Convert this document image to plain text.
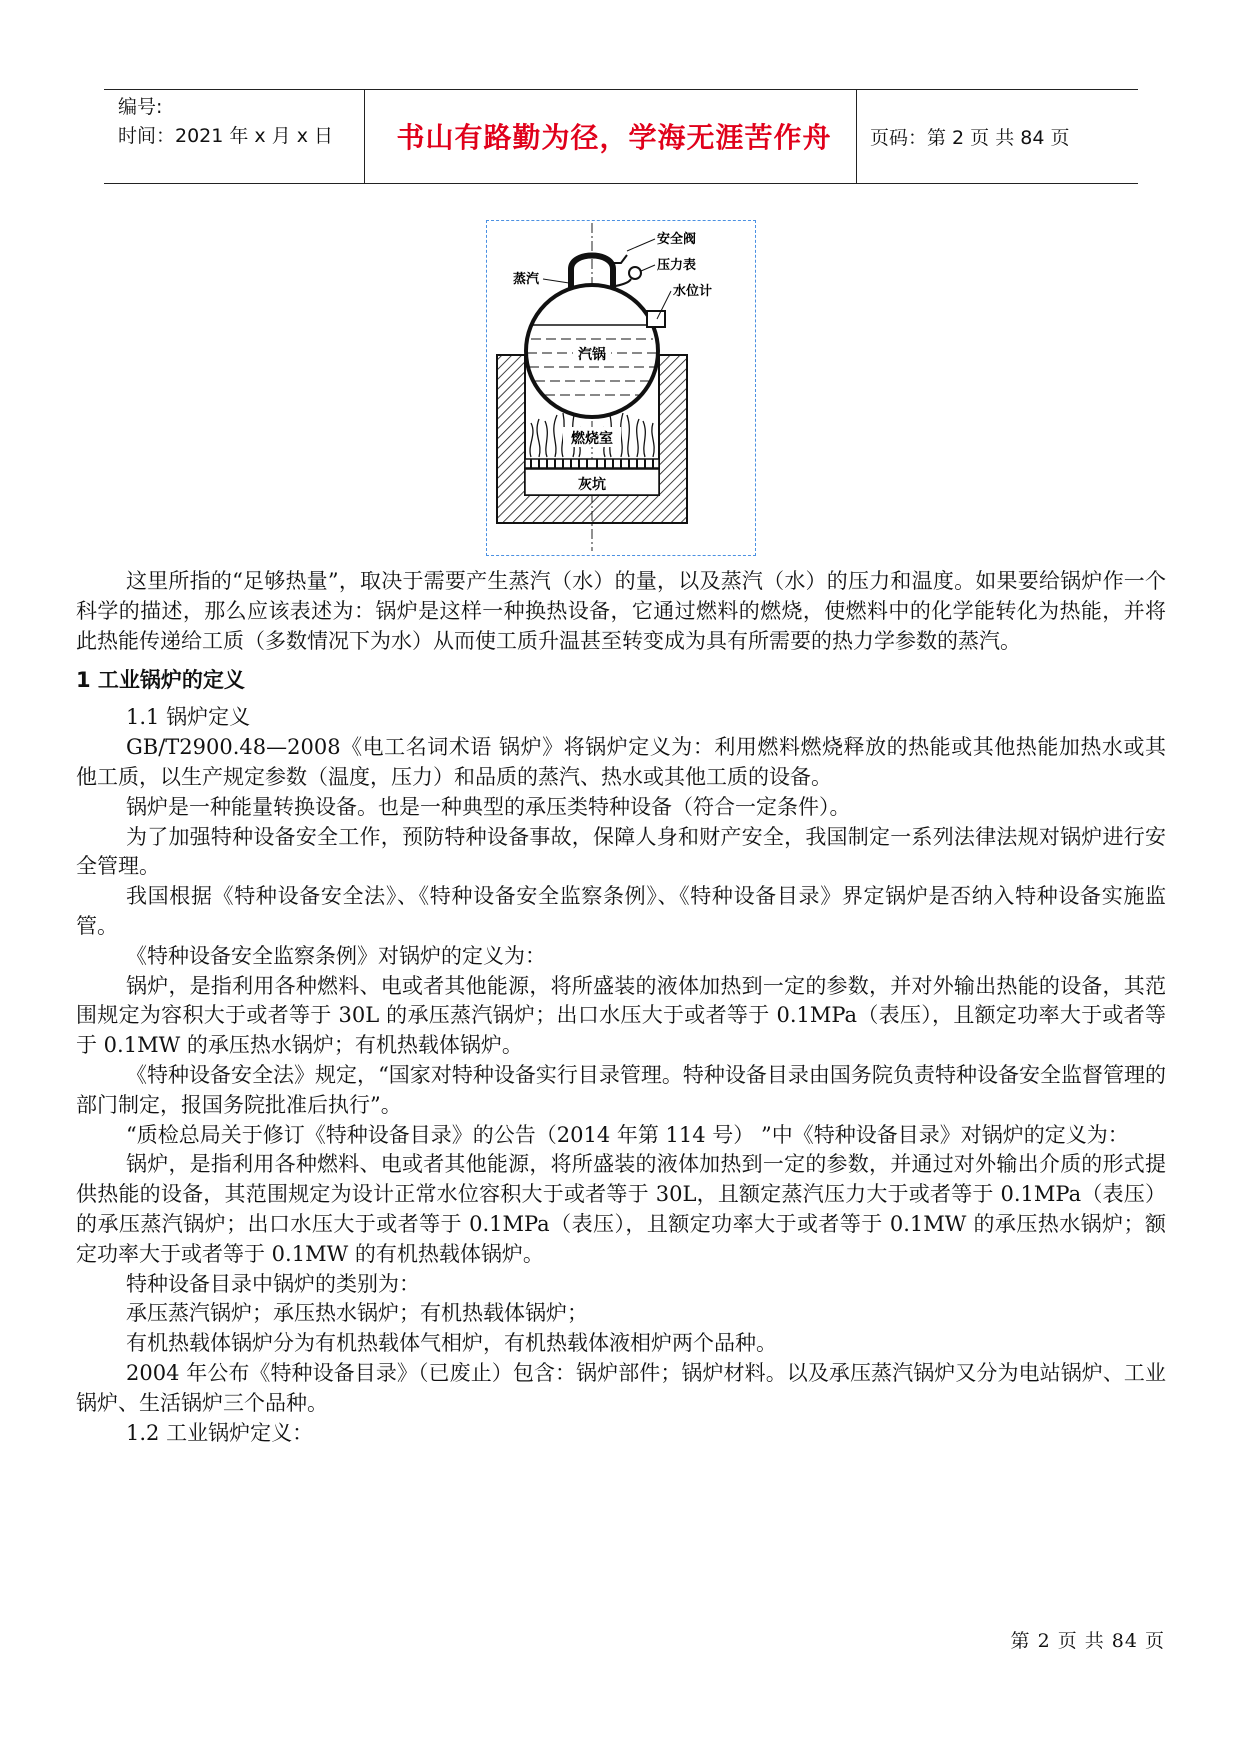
编号:
时间：2021 年 x 月 x 日	书山有路勤为径，学海无涯苦作舟	页码：第 2 页 共 84 页
灰坑
燃烧室
汽锅
安全阀
压力表
水位计
蒸汽

这里所指的“足够热量”，取决于需要产生蒸汽（水）的量，以及蒸汽（水）的压力和温度。如果要给锅炉作一个科学的描述，那么应该表述为：锅炉是这样一种换热设备，它通过燃料的燃烧，使燃料中的化学能转化为热能，并将此热能传递给工质（多数情况下为水）从而使工质升温甚至转变成为具有所需要的热力学参数的蒸汽。

1 工业锅炉的定义

1.1 锅炉定义

GB/T2900.48—2008《电工名词术语 锅炉》将锅炉定义为：利用燃料燃烧释放的热能或其他热能加热水或其他工质，以生产规定参数（温度，压力）和品质的蒸汽、热水或其他工质的设备。

锅炉是一种能量转换设备。也是一种典型的承压类特种设备（符合一定条件）。

为了加强特种设备安全工作，预防特种设备事故，保障人身和财产安全，我国制定一系列法律法规对锅炉进行安全管理。

我国根据《特种设备安全法》、《特种设备安全监察条例》、《特种设备目录》界定锅炉是否纳入特种设备实施监管。

《特种设备安全监察条例》对锅炉的定义为：

锅炉，是指利用各种燃料、电或者其他能源，将所盛装的液体加热到一定的参数，并对外输出热能的设备，其范围规定为容积大于或者等于 30L 的承压蒸汽锅炉；出口水压大于或者等于 0.1MPa（表压），且额定功率大于或者等于 0.1MW 的承压热水锅炉；有机热载体锅炉。

《特种设备安全法》规定，“国家对特种设备实行目录管理。特种设备目录由国务院负责特种设备安全监督管理的部门制定，报国务院批准后执行”。

“质检总局关于修订《特种设备目录》的公告（2014 年第 114 号） ”中《特种设备目录》对锅炉的定义为：

锅炉，是指利用各种燃料、电或者其他能源，将所盛装的液体加热到一定的参数，并通过对外输出介质的形式提供热能的设备，其范围规定为设计正常水位容积大于或者等于 30L，且额定蒸汽压力大于或者等于 0.1MPa（表压）的承压蒸汽锅炉；出口水压大于或者等于 0.1MPa（表压），且额定功率大于或者等于 0.1MW 的承压热水锅炉；额定功率大于或者等于 0.1MW 的有机热载体锅炉。

特种设备目录中锅炉的类别为：

承压蒸汽锅炉；承压热水锅炉；有机热载体锅炉；

有机热载体锅炉分为有机热载体气相炉，有机热载体液相炉两个品种。

2004 年公布《特种设备目录》（已废止）包含：锅炉部件；锅炉材料。以及承压蒸汽锅炉又分为电站锅炉、工业锅炉、生活锅炉三个品种。

1.2 工业锅炉定义：

第 2 页 共 84 页
